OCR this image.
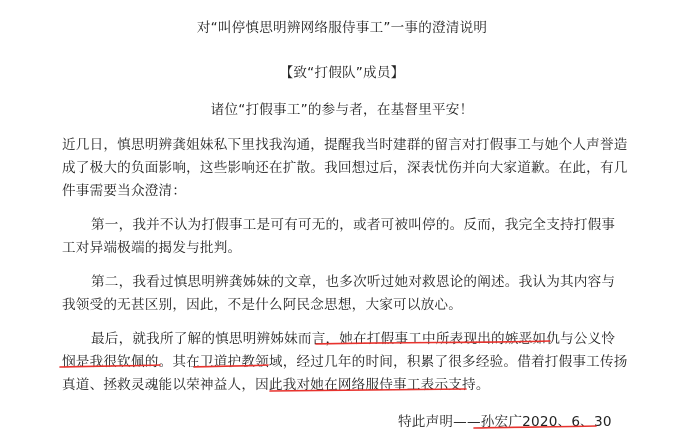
对“叫停慎思明辨网络服侍事工”一事的澄清说明
【致“打假队”成员】
诸位“打假事工”的参与者，在基督里平安！
近几日，慎思明辨龚姐妹私下里找我沟通，提醒我当时建群的留言对打假事工与她个人声誉造
成了极大的负面影响，这些影响还在扩散。我回想过后，深表忧伤并向大家道歉。在此，有几
件事需要当众澄清：
第一，我并不认为打假事工是可有可无的，或者可被叫停的。反而，我完全支持打假事
工对异端极端的揭发与批判。
第二，我看过慎思明辨龚姊妹的文章，也多次听过她对救恩论的阐述。我认为其内容与
我领受的无甚区别，因此，不是什么阿民念思想，大家可以放心。
最后，就我所了解的慎思明辨姊妹而言，她在打假事工中所表现出的嫉恶如仇与公义怜
悯是我很钦佩的。其在卫道护教领域，经过几年的时间，积累了很多经验。借着打假事工传扬
真道、拯救灵魂能以荣神益人，因此我对她在网络服侍事工表示支持。
特此声明——孙宏广2020、6、30
